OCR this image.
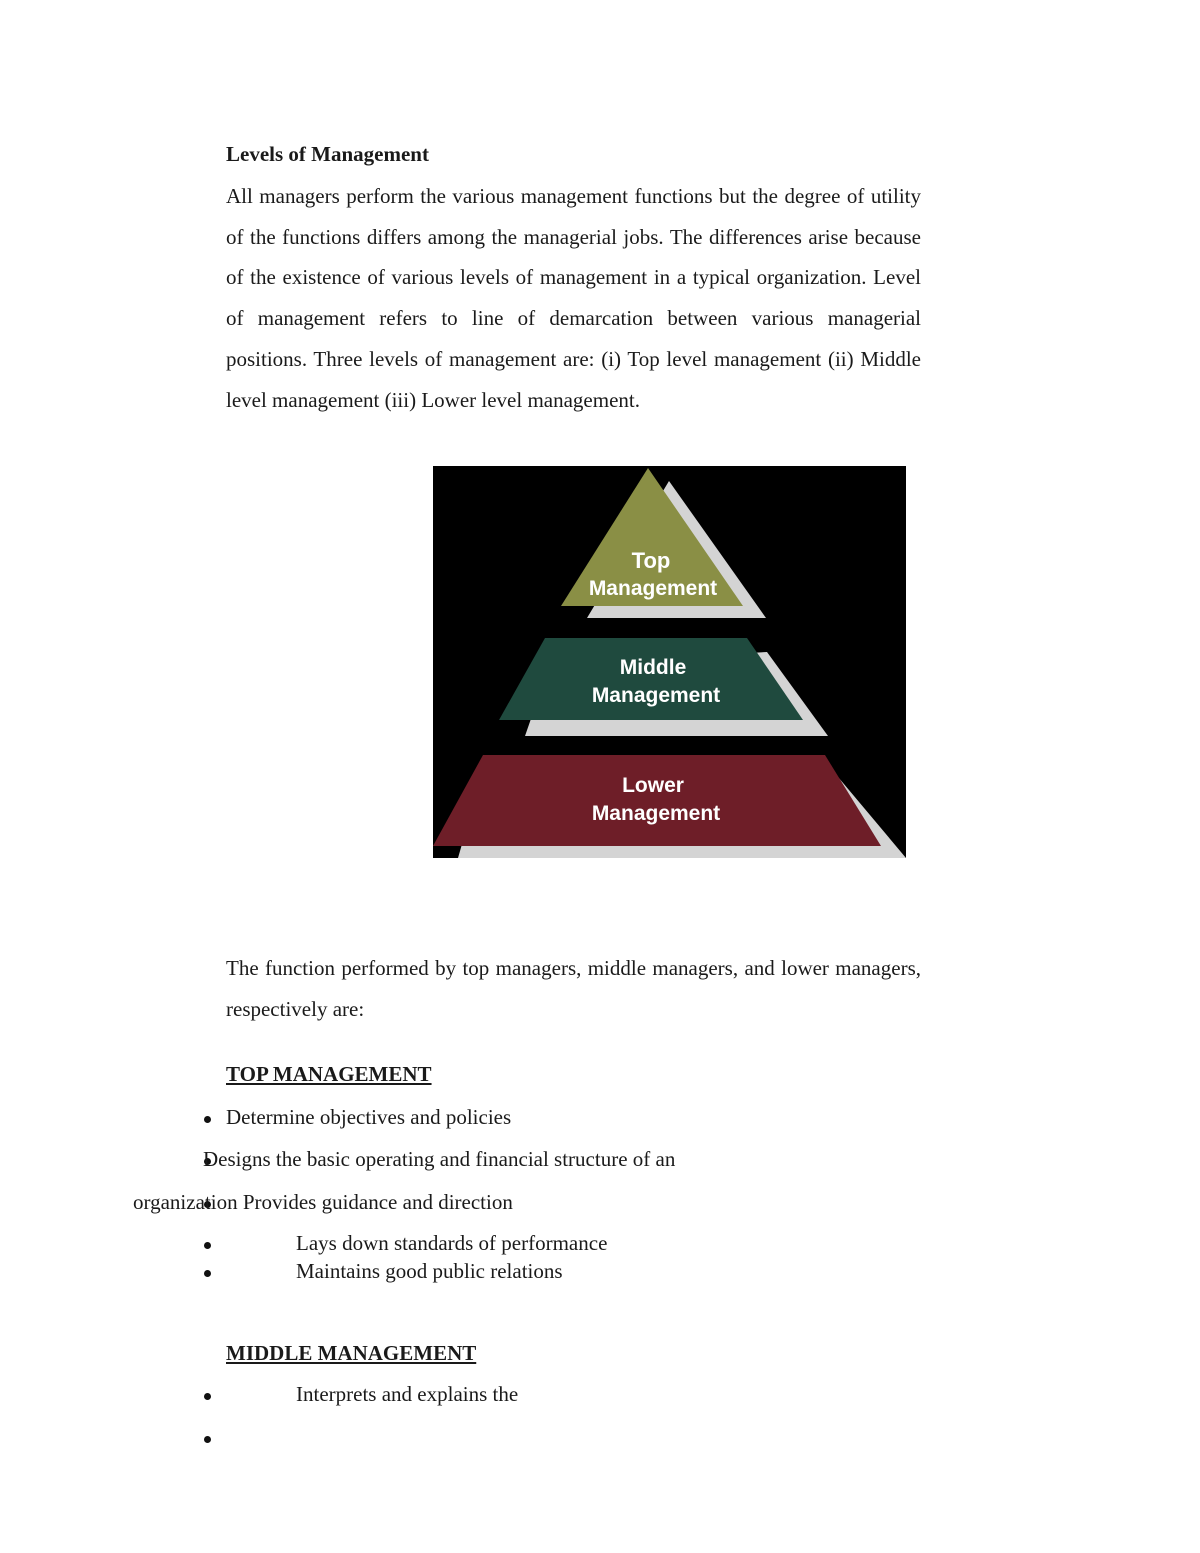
Levels of Management

All managers perform the various management functions but the degree of utility of the functions differs among the managerial jobs. The differences arise because of the existence of various levels of management in a typical organization. Level of management refers to line of demarcation between various managerial positions. Three levels of management are: (i) Top level management (ii) Middle level management (iii) Lower level management.

Top
Management
Middle
Management
Lower
Management

The function performed by top managers, middle managers, and lower managers, respectively are:

TOP MANAGEMENT

Determine objectives and policies

Designs the basic operating and financial structure of an

organization Provides guidance and direction

Lays down standards of performance

Maintains good public relations

MIDDLE MANAGEMENT

Interprets and explains the
